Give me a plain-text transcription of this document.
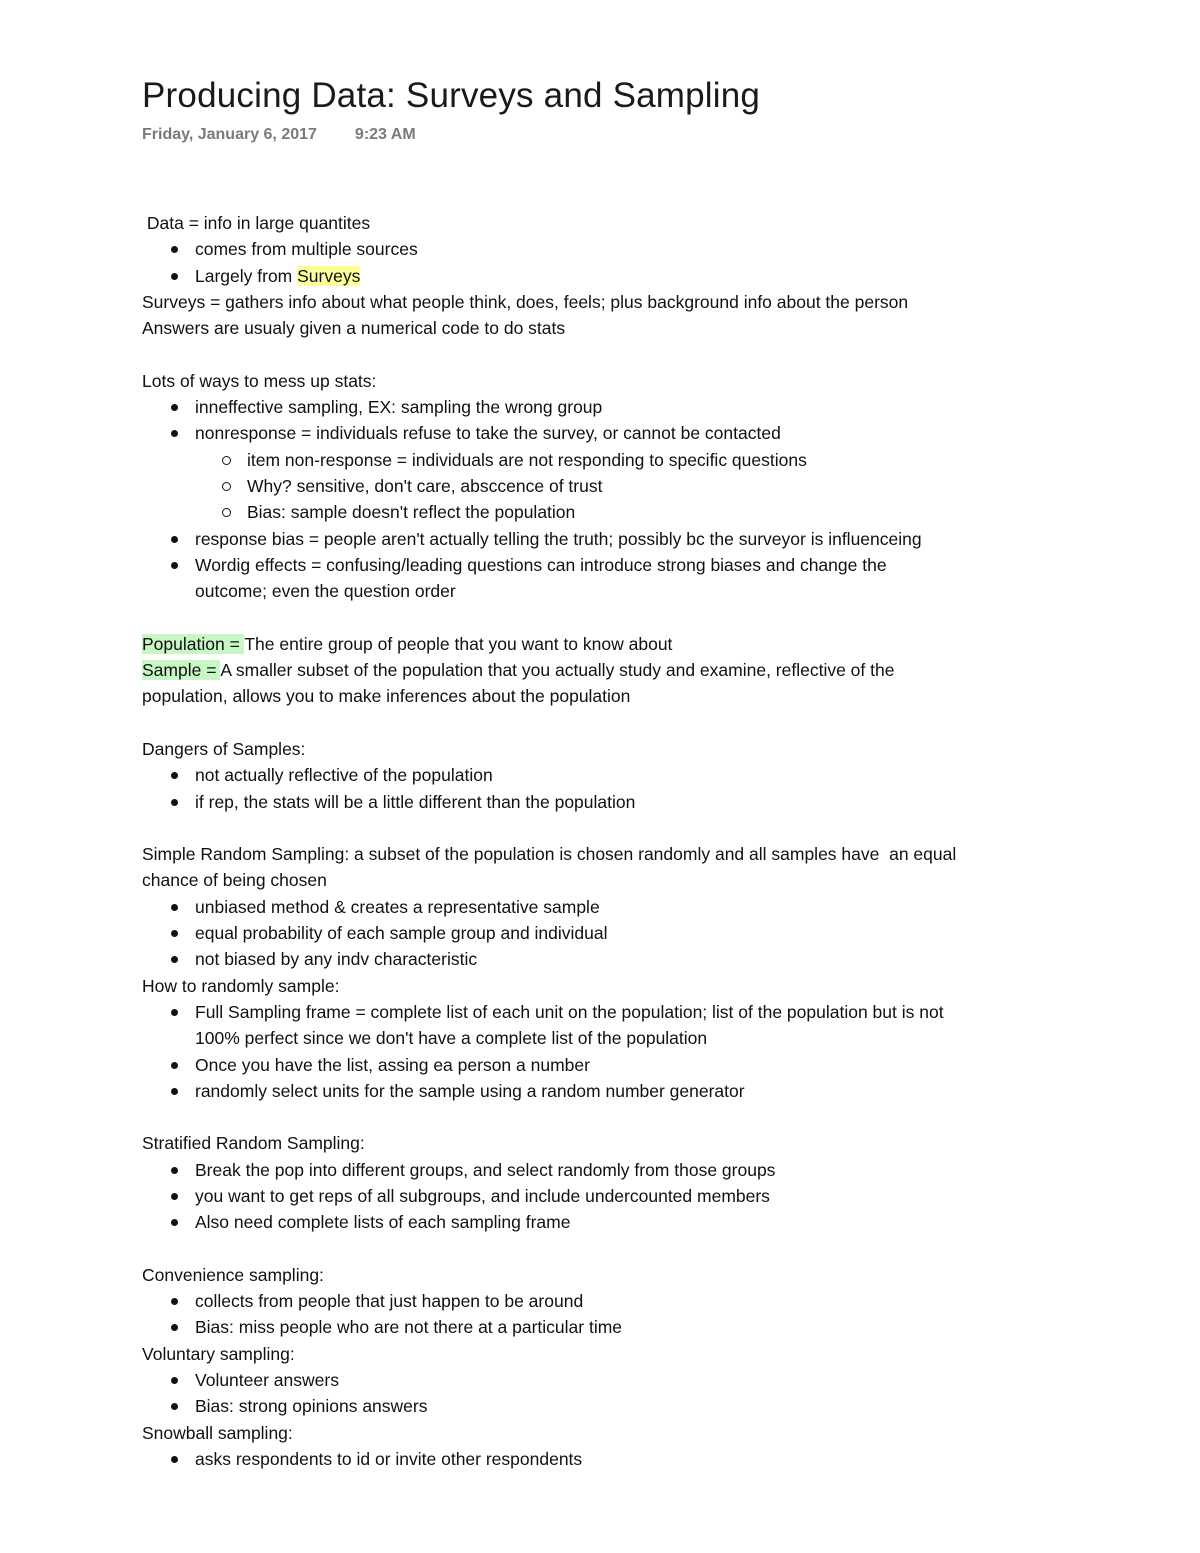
Producing Data: Surveys and Sampling
Friday, January 6, 2017 9:23 AM
Data = info in large quantites
comes from multiple sources
Largely from Surveys
Surveys = gathers info about what people think, does, feels; plus background info about the person
Answers are usualy given a numerical code to do stats
Lots of ways to mess up stats:
inneffective sampling, EX: sampling the wrong group
nonresponse = individuals refuse to take the survey, or cannot be contacted
item non-response = individuals are not responding to specific questions
Why? sensitive, don't care, absccence of trust
Bias: sample doesn't reflect the population
response bias = people aren't actually telling the truth; possibly bc the surveyor is influenceing
Wordig effects = confusing/leading questions can introduce strong biases and change the
outcome; even the question order
Population = The entire group of people that you want to know about
Sample = A smaller subset of the population that you actually study and examine, reflective of the
population, allows you to make inferences about the population
Dangers of Samples:
not actually reflective of the population
if rep, the stats will be a little different than the population
Simple Random Sampling: a subset of the population is chosen randomly and all samples have  an equal
chance of being chosen
unbiased method & creates a representative sample
equal probability of each sample group and individual
not biased by any indv characteristic
How to randomly sample:
Full Sampling frame = complete list of each unit on the population; list of the population but is not
100% perfect since we don't have a complete list of the population
Once you have the list, assing ea person a number
randomly select units for the sample using a random number generator
Stratified Random Sampling:
Break the pop into different groups, and select randomly from those groups
you want to get reps of all subgroups, and include undercounted members
Also need complete lists of each sampling frame
Convenience sampling:
collects from people that just happen to be around
Bias: miss people who are not there at a particular time
Voluntary sampling:
Volunteer answers
Bias: strong opinions answers
Snowball sampling:
asks respondents to id or invite other respondents
